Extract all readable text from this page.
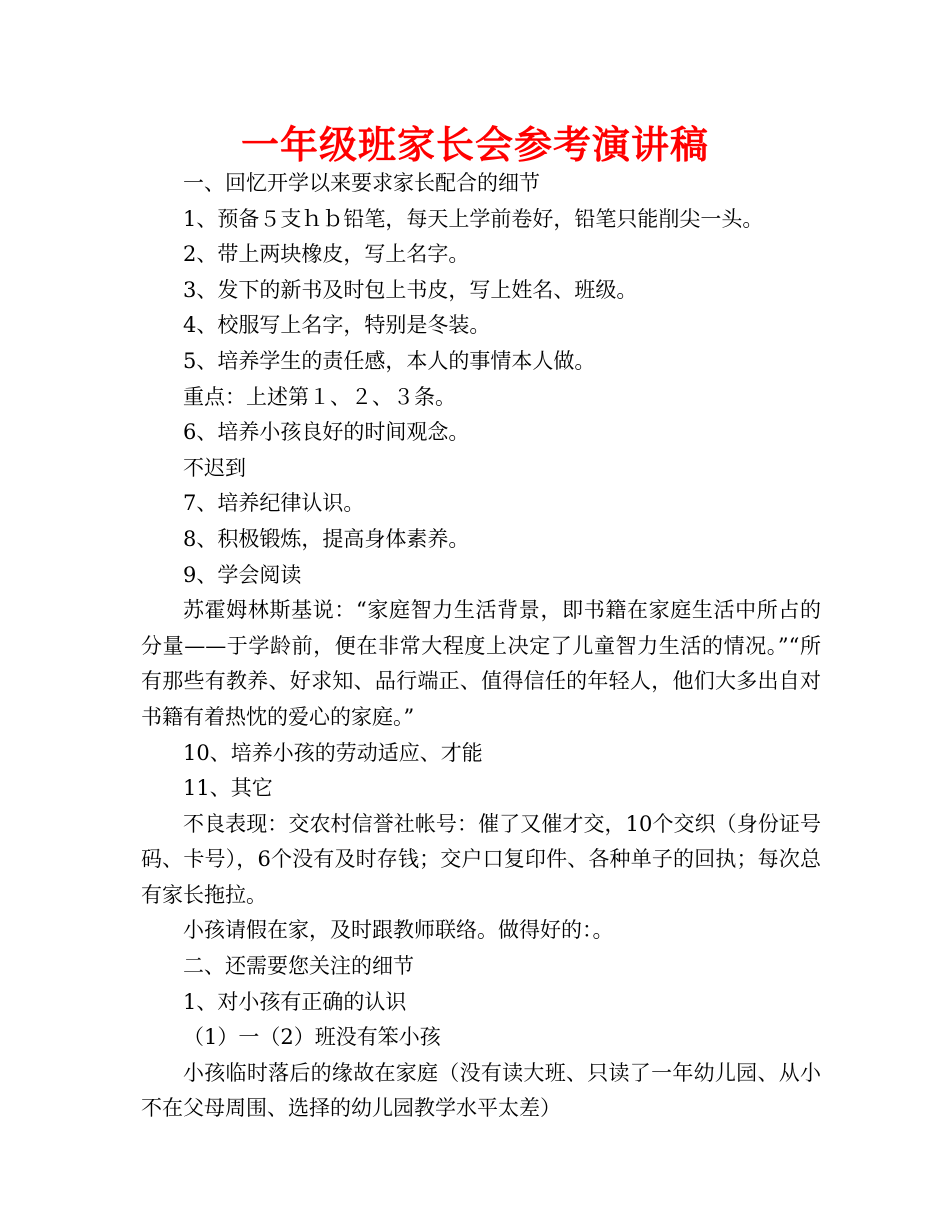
一年级班家长会参考演讲稿

一、回忆开学以来要求家长配合的细节

1、预备５支ｈｂ铅笔，每天上学前卷好，铅笔只能削尖一头。

2、带上两块橡皮，写上名字。

3、发下的新书及时包上书皮，写上姓名、班级。

4、校服写上名字，特别是冬装。

5、培养学生的责任感，本人的事情本人做。

重点：上述第１、２、３条。

6、培养小孩良好的时间观念。

不迟到

7、培养纪律认识。

8、积极锻炼，提高身体素养。

9、学会阅读

苏霍姆林斯基说：“家庭智力生活背景，即书籍在家庭生活中所占的分量——于学龄前，便在非常大程度上决定了儿童智力生活的情况。”“所有那些有教养、好求知、品行端正、值得信任的年轻人，他们大多出自对书籍有着热忱的爱心的家庭。”

10、培养小孩的劳动适应、才能

11、其它

不良表现：交农村信誉社帐号：催了又催才交，10个交织（身份证号码、卡号），6个没有及时存钱；交户口复印件、各种单子的回执；每次总有家长拖拉。

小孩请假在家，及时跟教师联络。做得好的：。

二、还需要您关注的细节

1、对小孩有正确的认识

（1）一（2）班没有笨小孩

小孩临时落后的缘故在家庭（没有读大班、只读了一年幼儿园、从小不在父母周围、选择的幼儿园教学水平太差）
